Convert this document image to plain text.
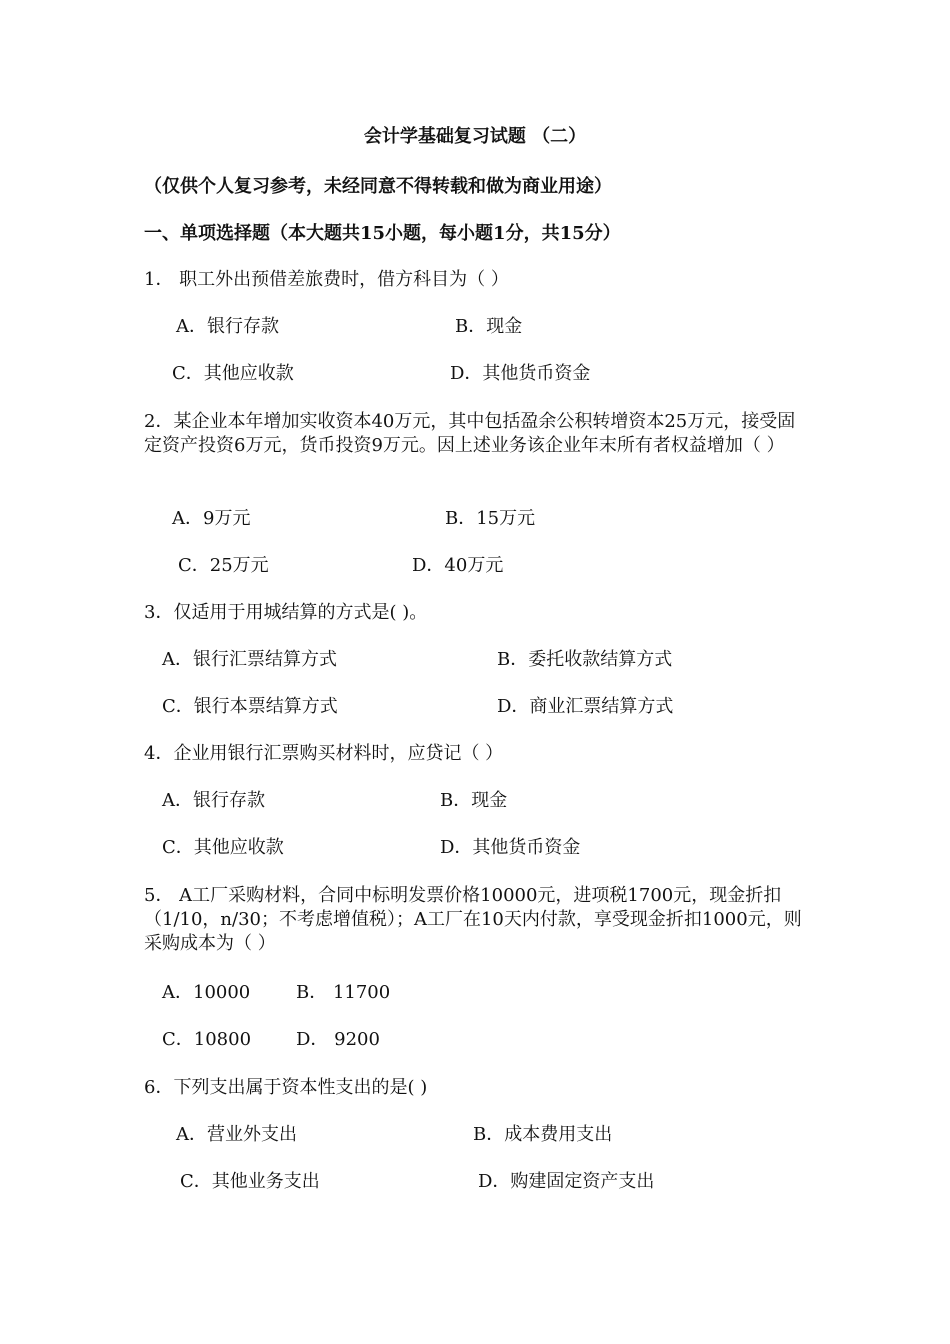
会计学基础复习试题 （二）
（仅供个人复习参考，未经同意不得转载和做为商业用途）
一、单项选择题（本大题共15小题，每小题1分，共15分）
1． 职工外出预借差旅费时，借方科目为（ ）
A．银行存款	B．现金
C．其他应收款	D．其他货币资金
2．某企业本年增加实收资本40万元，其中包括盈余公积转增资本25万元，接受固定资产投资6万元，货币投资9万元。因上述业务该企业年末所有者权益增加（ ）
A．9万元	B．15万元
C．25万元	D．40万元
3．仅适用于用城结算的方式是( )。
A．银行汇票结算方式	B．委托收款结算方式
C．银行本票结算方式	D．商业汇票结算方式
4．企业用银行汇票购买材料时，应贷记（ ）
A．银行存款	B．现金
C．其他应收款	D．其他货币资金
5． A工厂采购材料，合同中标明发票价格10000元，进项税1700元，现金折扣（1/10，n/30；不考虑增值税）；A工厂在10天内付款，享受现金折扣1000元，则采购成本为（ ）
A．10000	B． 11700
C．10800 D． 9200
6．下列支出属于资本性支出的是( )
A．营业外支出	B．成本费用支出
C．其他业务支出	D．购建固定资产支出
